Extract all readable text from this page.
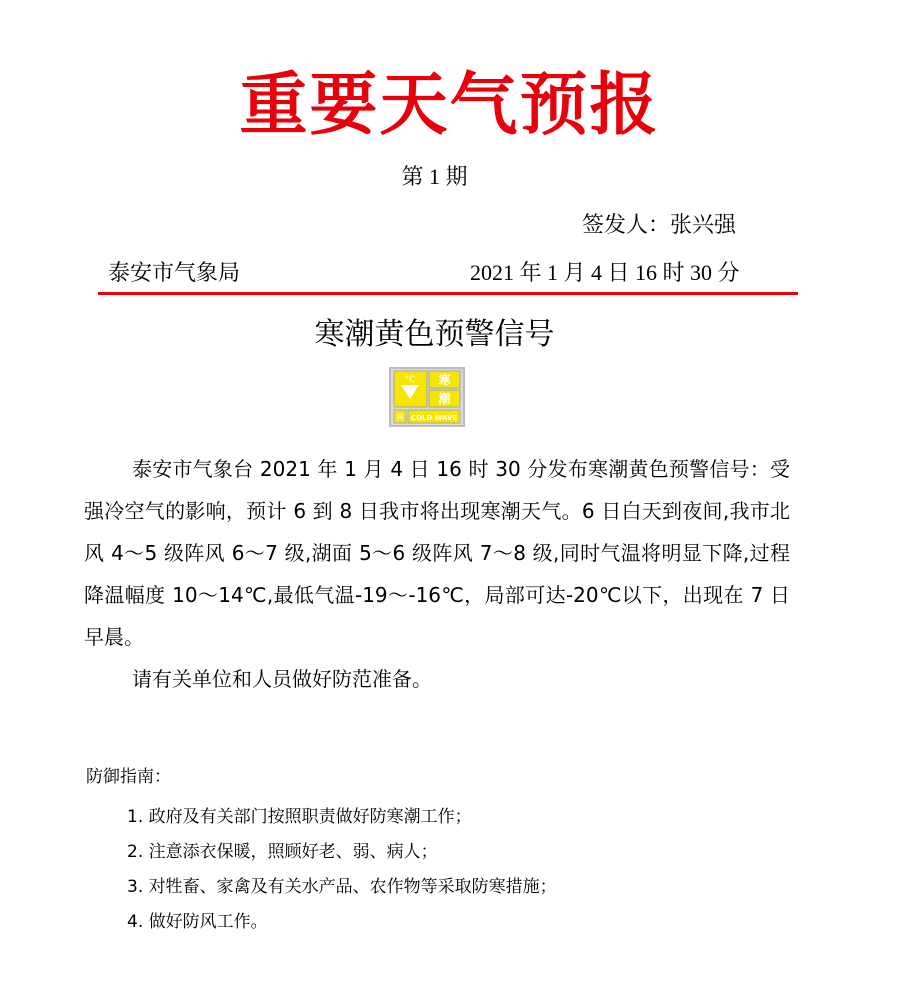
重要天气预报
第 1 期
签发人：张兴强
泰安市气象局	2021 年 1 月 4 日 16 时 30 分
寒潮黄色预警信号
°C 寒
潮
黄 COLD WAVE

泰安市气象台 2021 年 1 月 4 日 16 时 30 分发布寒潮黄色预警信号：受强冷空气的影响，预计 6 到 8 日我市将出现寒潮天气。6 日白天到夜间,我市北风 4～5 级阵风 6～7 级,湖面 5～6 级阵风 7～8 级,同时气温将明显下降,过程降温幅度 10～14℃,最低气温-19～-16℃，局部可达-20℃以下，出现在 7 日早晨。

请有关单位和人员做好防范准备。

防御指南：
1. 政府及有关部门按照职责做好防寒潮工作；
2. 注意添衣保暖，照顾好老、弱、病人；
3. 对牲畜、家禽及有关水产品、农作物等采取防寒措施；
4. 做好防风工作。
